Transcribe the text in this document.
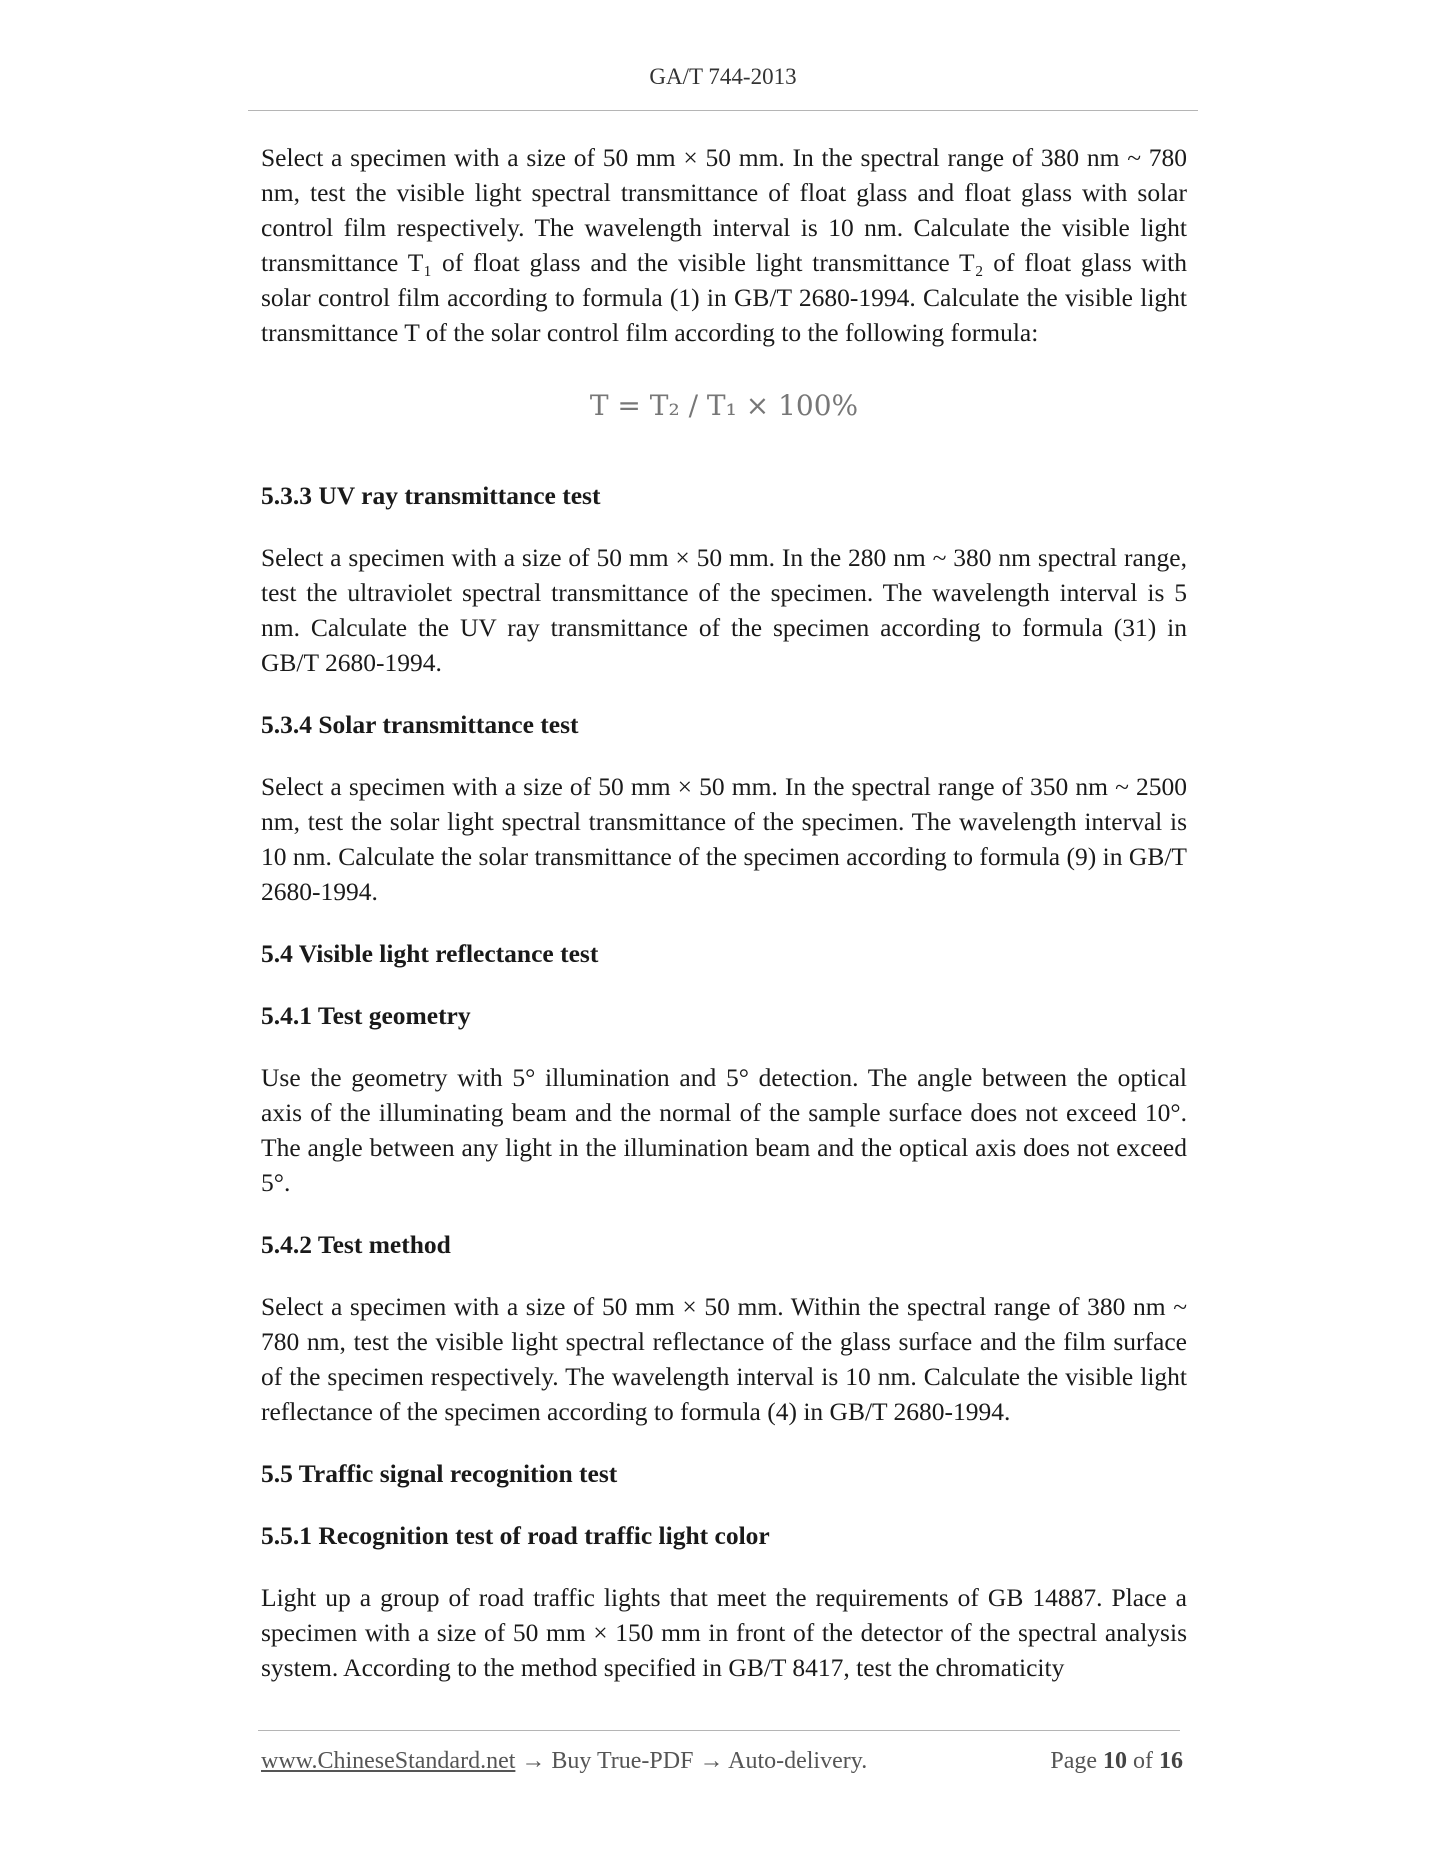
GA/T 744-2013

Select a specimen with a size of 50 mm × 50 mm. In the spectral range of 380 nm ~ 780 nm, test the visible light spectral transmittance of float glass and float glass with solar control film respectively. The wavelength interval is 10 nm. Calculate the visible light transmittance T₁ of float glass and the visible light transmittance T₂ of float glass with solar control film according to formula (1) in GB/T 2680-1994. Calculate the visible light transmittance T of the solar control film according to the following formula:

T = T₂ / T₁ × 100%
5.3.3 UV ray transmittance test

Select a specimen with a size of 50 mm × 50 mm. In the 280 nm ~ 380 nm spectral range, test the ultraviolet spectral transmittance of the specimen. The wavelength interval is 5 nm. Calculate the UV ray transmittance of the specimen according to formula (31) in GB/T 2680-1994.

5.3.4 Solar transmittance test

Select a specimen with a size of 50 mm × 50 mm. In the spectral range of 350 nm ~ 2500 nm, test the solar light spectral transmittance of the specimen. The wavelength interval is 10 nm. Calculate the solar transmittance of the specimen according to formula (9) in GB/T 2680-1994.

5.4 Visible light reflectance test
5.4.1 Test geometry

Use the geometry with 5° illumination and 5° detection. The angle between the optical axis of the illuminating beam and the normal of the sample surface does not exceed 10°. The angle between any light in the illumination beam and the optical axis does not exceed 5°.

5.4.2 Test method

Select a specimen with a size of 50 mm × 50 mm. Within the spectral range of 380 nm ~ 780 nm, test the visible light spectral reflectance of the glass surface and the film surface of the specimen respectively. The wavelength interval is 10 nm. Calculate the visible light reflectance of the specimen according to formula (4) in GB/T 2680-1994.

5.5 Traffic signal recognition test
5.5.1 Recognition test of road traffic light color

Light up a group of road traffic lights that meet the requirements of GB 14887. Place a specimen with a size of 50 mm × 150 mm in front of the detector of the spectral analysis system. According to the method specified in GB/T 8417, test the chromaticity

www.ChineseStandard.net → Buy True-PDF → Auto-delivery.	Page 10 of 16
